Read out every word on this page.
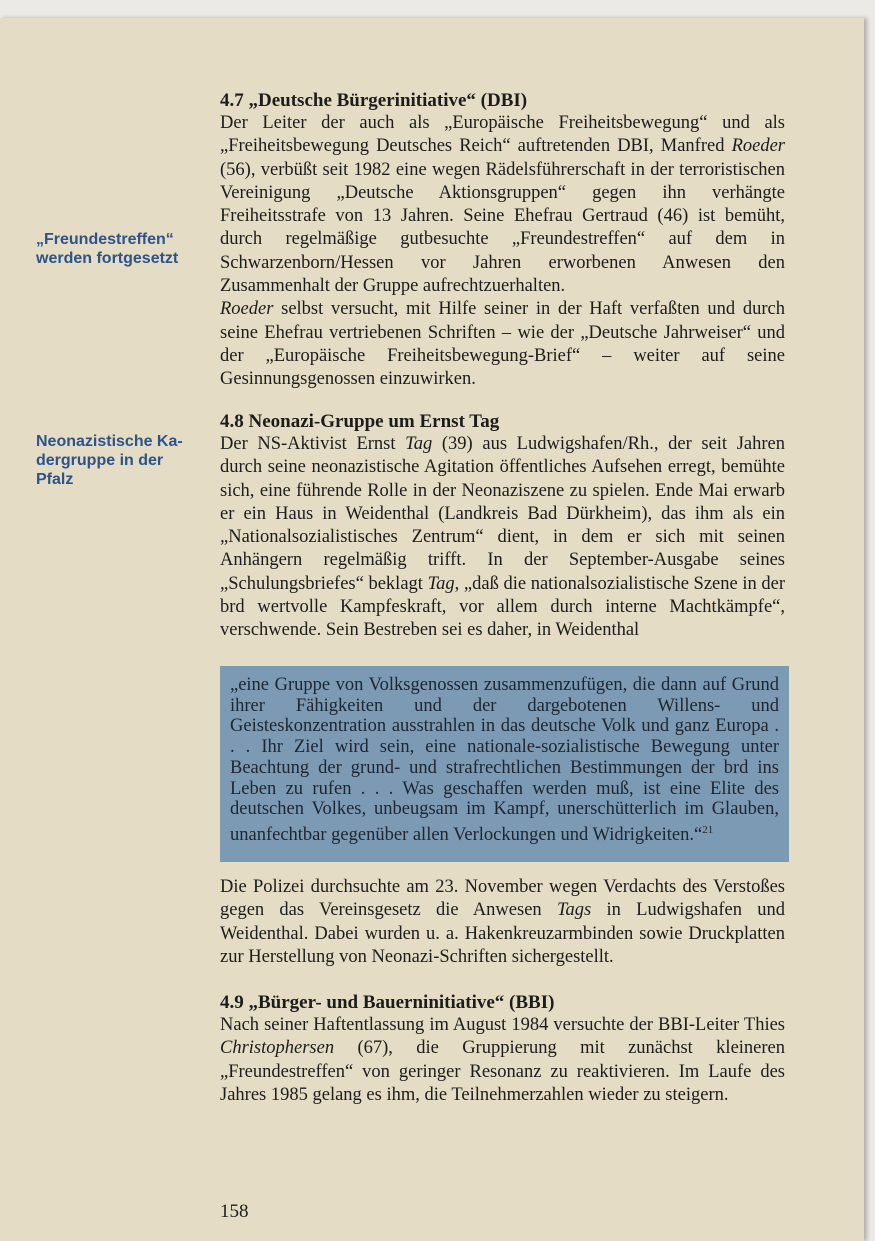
„Freundestreffen“
werden fortgesetzt
Neonazistische Ka-
dergruppe in der
Pfalz
4.7 „Deutsche Bürgerinitiative“ (DBI)

Der Leiter der auch als „Europäische Freiheitsbewegung“ und als „Freiheitsbewegung Deutsches Reich“ auftretenden DBI, Manfred Roeder (56), verbüßt seit 1982 eine wegen Rädelsführerschaft in der terroristischen Vereinigung „Deutsche Aktionsgruppen“ gegen ihn verhängte Freiheitsstrafe von 13 Jahren. Seine Ehefrau Gertraud (46) ist bemüht, durch regelmäßige gutbesuchte „Freundestreffen“ auf dem in Schwarzenborn/Hessen vor Jahren erworbenen Anwesen den Zusammenhalt der Gruppe aufrechtzuerhalten.

Roeder selbst versucht, mit Hilfe seiner in der Haft verfaßten und durch seine Ehefrau vertriebenen Schriften – wie der „Deutsche Jahrweiser“ und der „Europäische Freiheitsbewegung-Brief“ – weiter auf seine Gesinnungsgenossen einzuwirken.

4.8 Neonazi-Gruppe um Ernst Tag

Der NS-Aktivist Ernst Tag (39) aus Ludwigshafen/Rh., der seit Jahren durch seine neonazistische Agitation öffentliches Aufsehen erregt, bemühte sich, eine führende Rolle in der Neonaziszene zu spielen. Ende Mai erwarb er ein Haus in Weidenthal (Landkreis Bad Dürkheim), das ihm als ein „Nationalsozialistisches Zentrum“ dient, in dem er sich mit seinen Anhängern regelmäßig trifft. In der September-Ausgabe seines „Schulungsbriefes“ beklagt Tag, „daß die nationalsozialistische Szene in der brd wertvolle Kampfeskraft, vor allem durch interne Machtkämpfe“, verschwende. Sein Bestreben sei es daher, in Weidenthal

„eine Gruppe von Volksgenossen zusammenzufügen, die dann auf Grund ihrer Fähigkeiten und der dargebotenen Willens- und Geisteskonzentration ausstrahlen in das deutsche Volk und ganz Europa . . . Ihr Ziel wird sein, eine nationale-sozialistische Bewegung unter Beachtung der grund- und strafrechtlichen Bestimmungen der brd ins Leben zu rufen . . . Was geschaffen werden muß, ist eine Elite des deutschen Volkes, unbeugsam im Kampf, unerschütterlich im Glauben, unanfechtbar gegenüber allen Verlockungen und Widrigkeiten.“$^{21}$

Die Polizei durchsuchte am 23. November wegen Verdachts des Verstoßes gegen das Vereinsgesetz die Anwesen Tags in Ludwigshafen und Weidenthal. Dabei wurden u. a. Hakenkreuzarmbinden sowie Druckplatten zur Herstellung von Neonazi-Schriften sichergestellt.

4.9 „Bürger- und Bauerninitiative“ (BBI)

Nach seiner Haftentlassung im August 1984 versuchte der BBI-Leiter Thies Christophersen (67), die Gruppierung mit zunächst kleineren „Freundestreffen“ von geringer Resonanz zu reaktivieren. Im Laufe des Jahres 1985 gelang es ihm, die Teilnehmerzahlen wieder zu steigern.

158
